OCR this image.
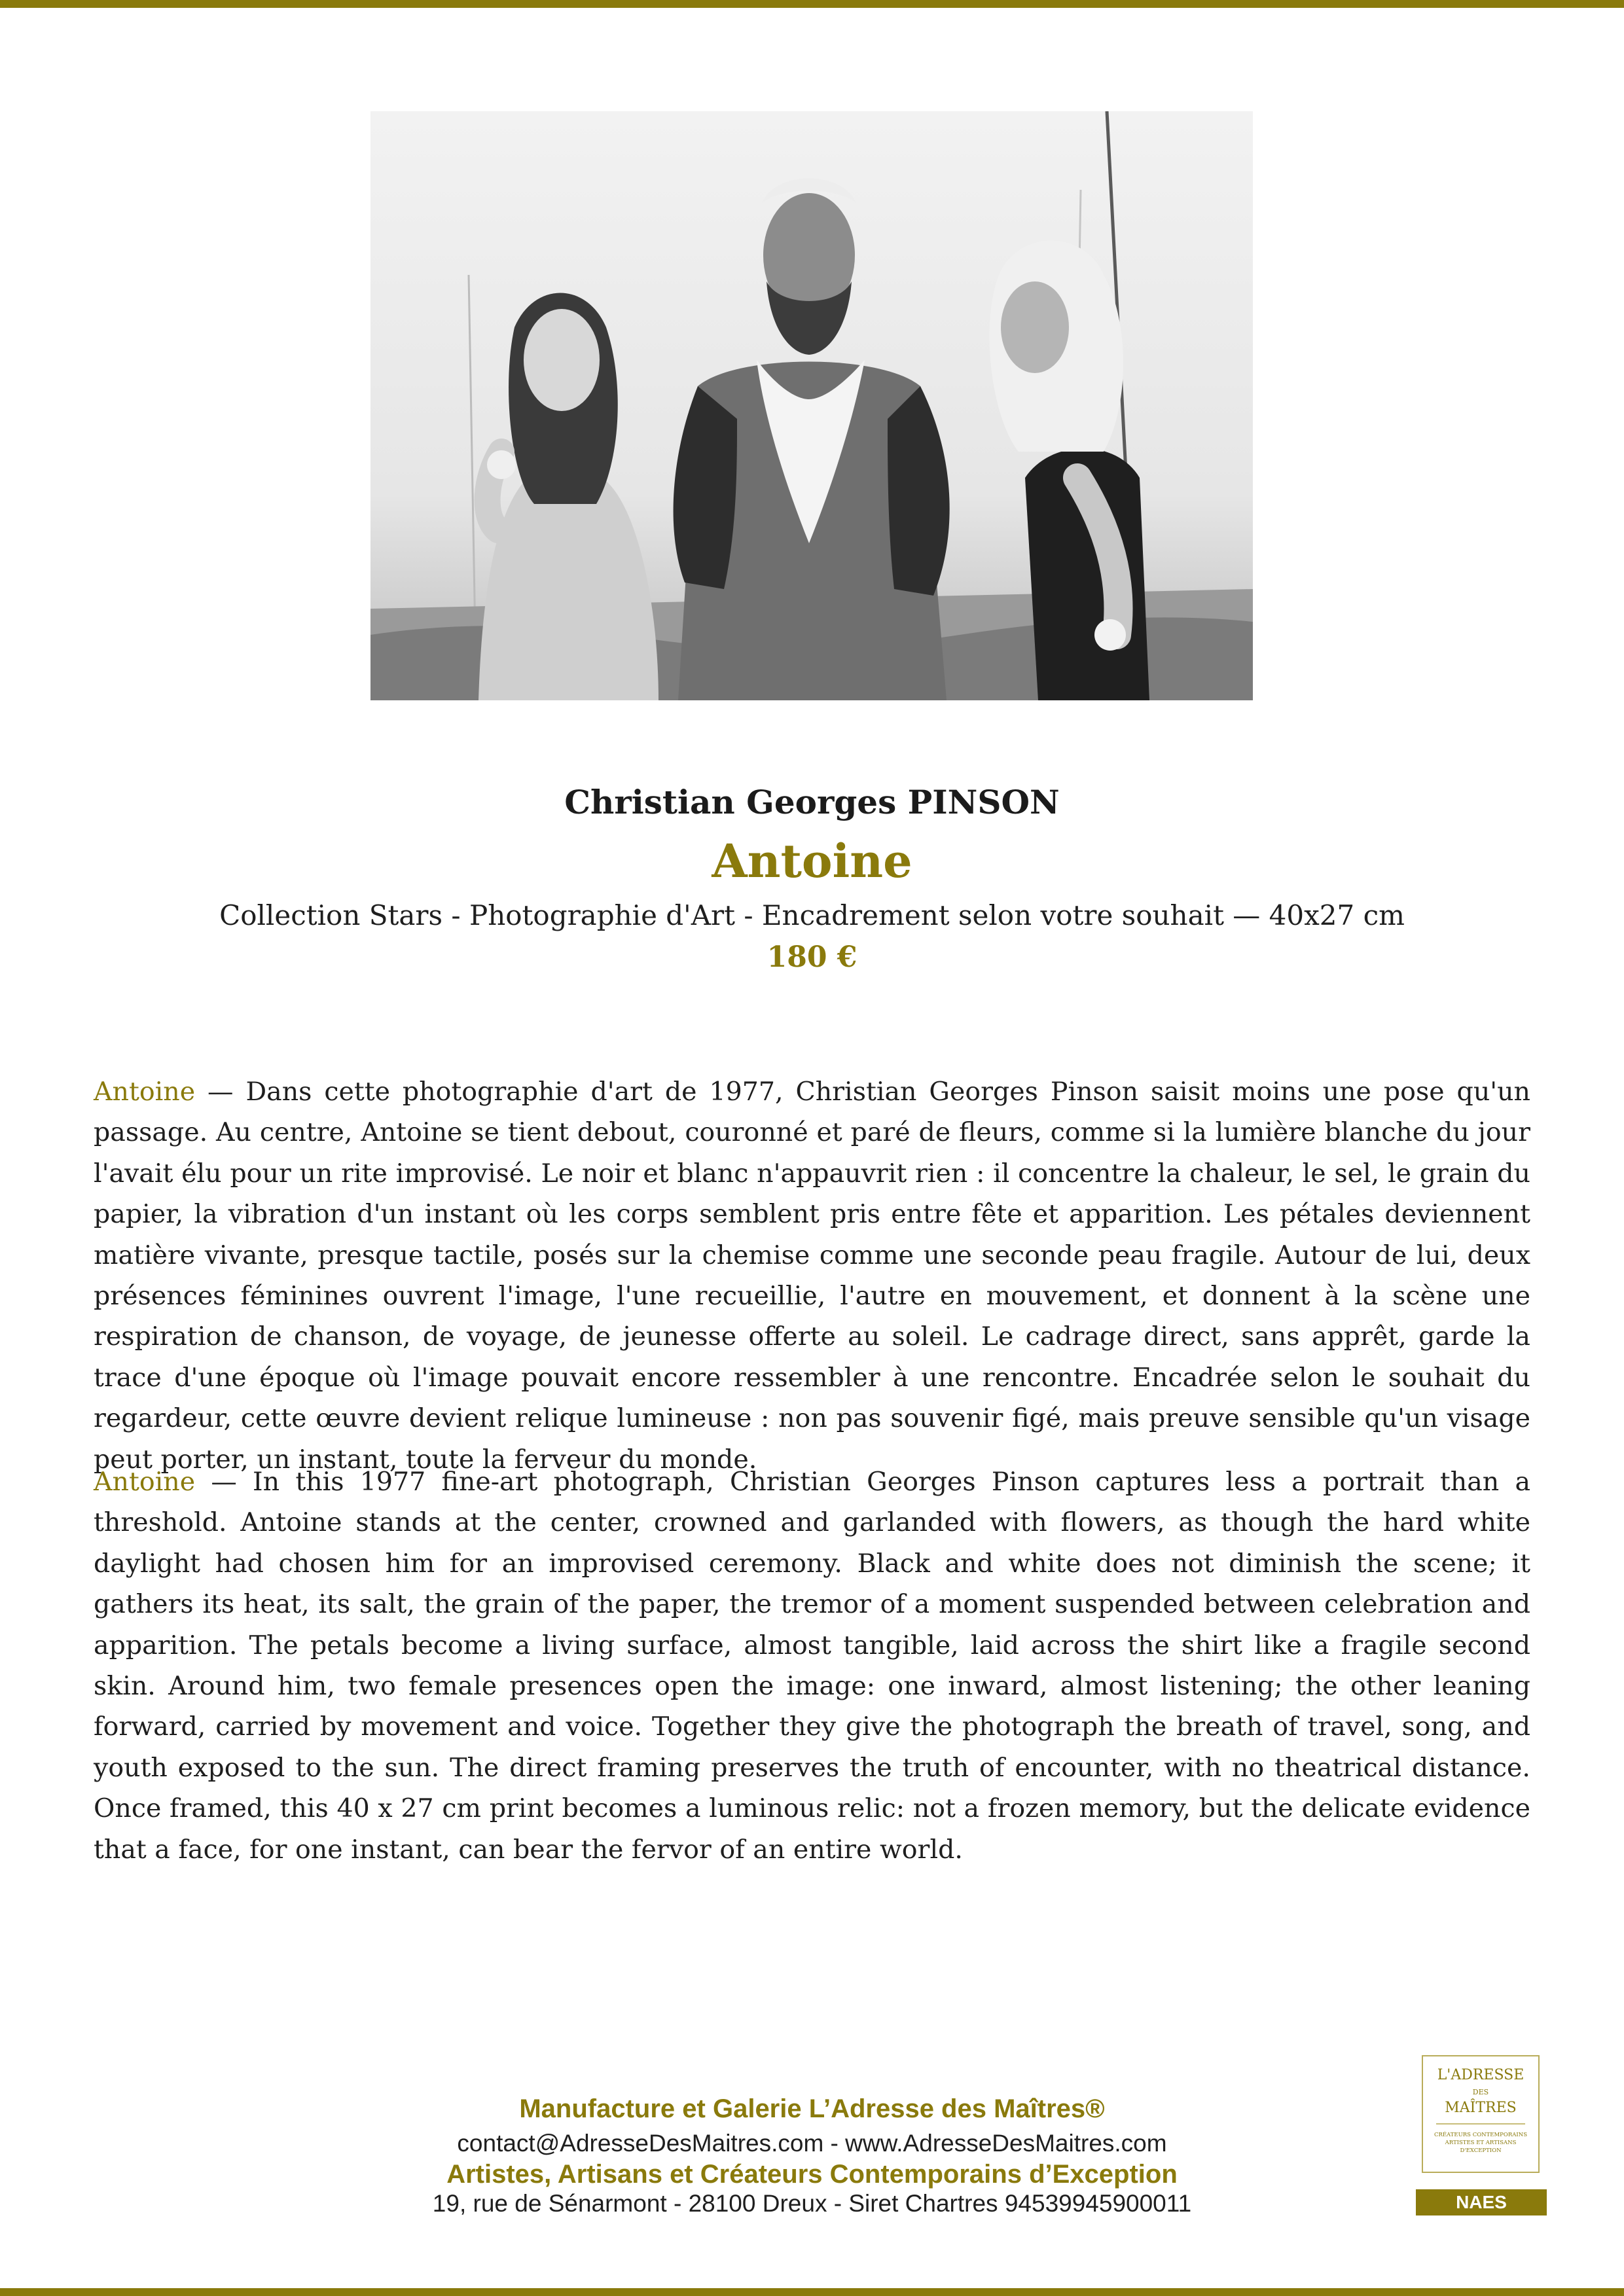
Christian Georges PINSON
Antoine
Collection Stars - Photographie d'Art - Encadrement selon votre souhait — 40x27 cm
180 €
Antoine — Dans cette photographie d'art de 1977, Christian Georges Pinson saisit moins une pose qu'un passage. Au centre, Antoine se tient debout, couronné et paré de fleurs, comme si la lumière blanche du jour l'avait élu pour un rite improvisé. Le noir et blanc n'appauvrit rien : il concentre la chaleur, le sel, le grain du papier, la vibration d'un instant où les corps semblent pris entre fête et apparition. Les pétales deviennent matière vivante, presque tactile, posés sur la chemise comme une seconde peau fragile. Autour de lui, deux présences féminines ouvrent l'image, l'une recueillie, l'autre en mouvement, et donnent à la scène une respiration de chanson, de voyage, de jeunesse offerte au soleil. Le cadrage direct, sans apprêt, garde la trace d'une époque où l'image pouvait encore ressembler à une rencontre. Encadrée selon le souhait du regardeur, cette œuvre devient relique lumineuse : non pas souvenir figé, mais preuve sensible qu'un visage peut porter, un instant, toute la ferveur du monde.
Antoine — In this 1977 fine-art photograph, Christian Georges Pinson captures less a portrait than a threshold. Antoine stands at the center, crowned and garlanded with flowers, as though the hard white daylight had chosen him for an improvised ceremony. Black and white does not diminish the scene; it gathers its heat, its salt, the grain of the paper, the tremor of a moment suspended between celebration and apparition. The petals become a living surface, almost tangible, laid across the shirt like a fragile second skin. Around him, two female presences open the image: one inward, almost listening; the other leaning forward, carried by movement and voice. Together they give the photograph the breath of travel, song, and youth exposed to the sun. The direct framing preserves the truth of encounter, with no theatrical distance. Once framed, this 40 x 27 cm print becomes a luminous relic: not a frozen memory, but the delicate evidence that a face, for one instant, can bear the fervor of an entire world.
Manufacture et Galerie L’Adresse des Maîtres®
contact@AdresseDesMaitres.com - www.AdresseDesMaitres.com
Artistes, Artisans et Créateurs Contemporains d’Exception
19, rue de Sénarmont - 28100 Dreux - Siret Chartres 94539945900011
L'ADRESSE
DES
MAÎTRES
CRÉATEURS CONTEMPORAINS ARTISTES ET ARTISANS D'EXCEPTION
NAES
